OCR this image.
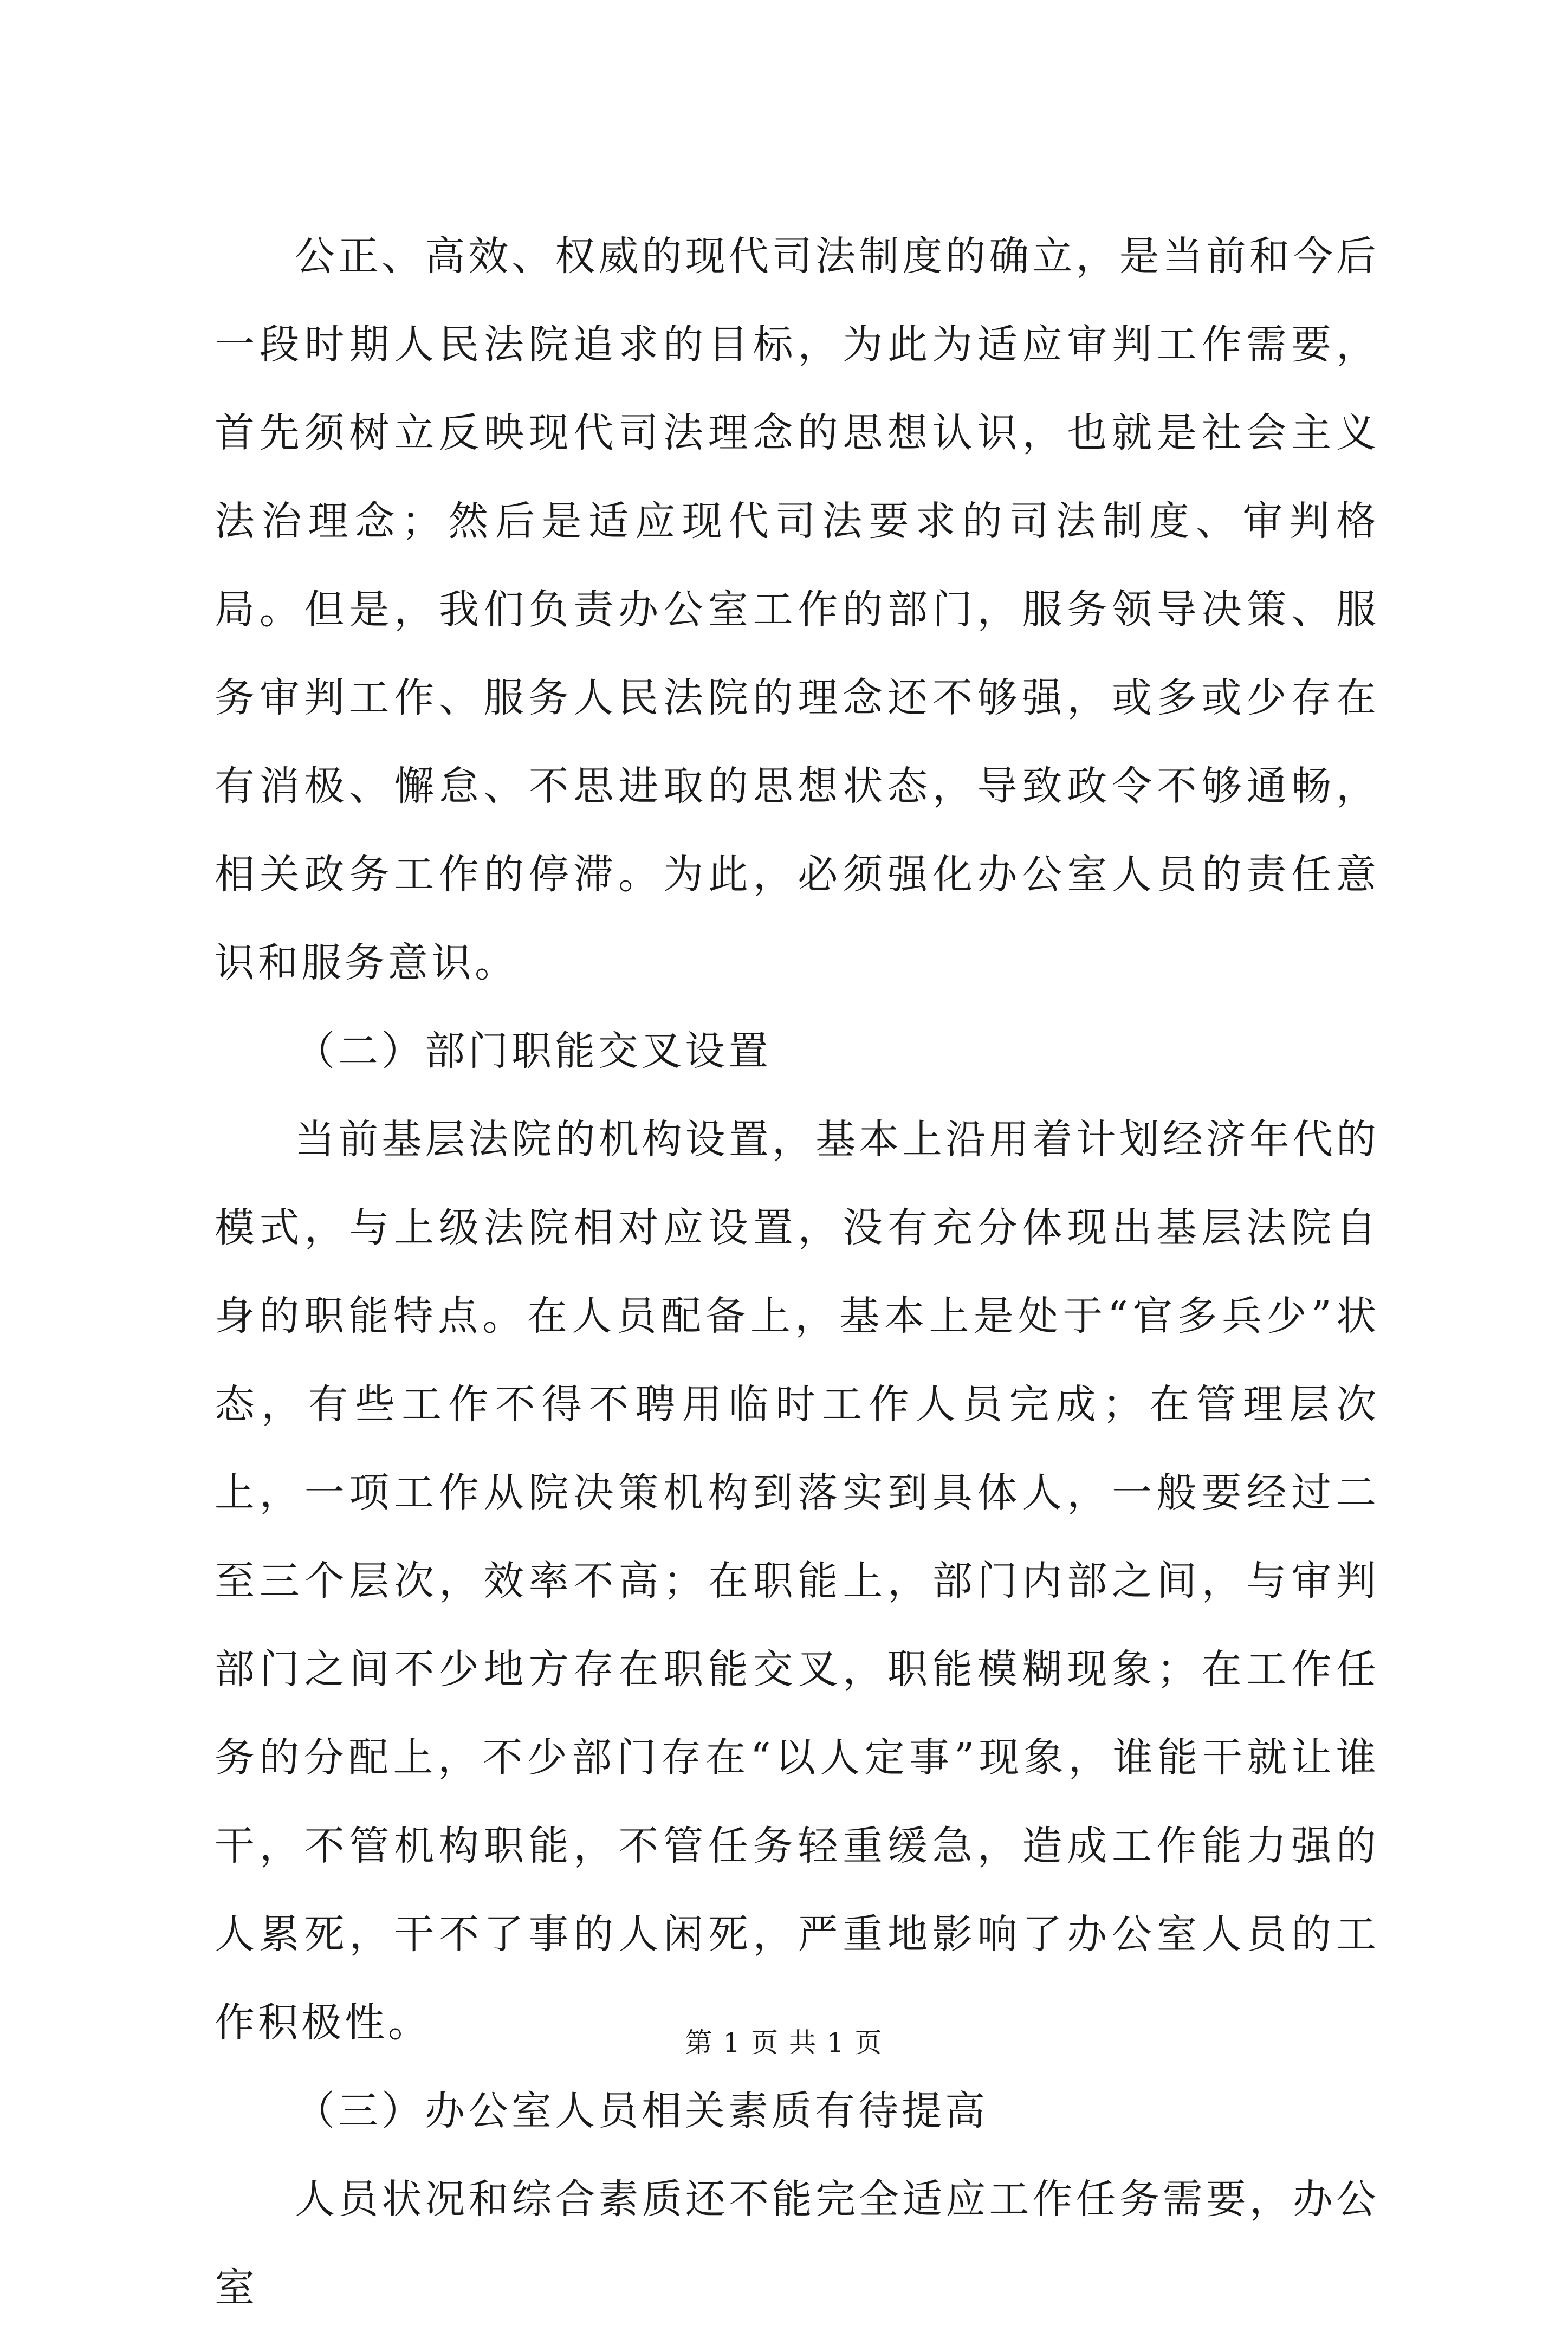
公正、高效、权威的现代司法制度的确立，是当前和今后一段时期人民法院追求的目标，为此为适应审判工作需要，首先须树立反映现代司法理念的思想认识，也就是社会主义法治理念；然后是适应现代司法要求的司法制度、审判格局。但是，我们负责办公室工作的部门，服务领导决策、服务审判工作、服务人民法院的理念还不够强，或多或少存在有消极、懈怠、不思进取的思想状态，导致政令不够通畅，相关政务工作的停滞。为此，必须强化办公室人员的责任意识和服务意识。

（二）部门职能交叉设置

当前基层法院的机构设置，基本上沿用着计划经济年代的模式，与上级法院相对应设置，没有充分体现出基层法院自身的职能特点。在人员配备上，基本上是处于“官多兵少”状态，有些工作不得不聘用临时工作人员完成；在管理层次上，一项工作从院决策机构到落实到具体人，一般要经过二至三个层次，效率不高；在职能上，部门内部之间，与审判部门之间不少地方存在职能交叉，职能模糊现象；在工作任务的分配上，不少部门存在“以人定事”现象，谁能干就让谁干，不管机构职能，不管任务轻重缓急，造成工作能力强的人累死，干不了事的人闲死，严重地影响了办公室人员的工作积极性。

（三）办公室人员相关素质有待提高

人员状况和综合素质还不能完全适应工作任务需要，办公室

第 1 页 共 1 页
